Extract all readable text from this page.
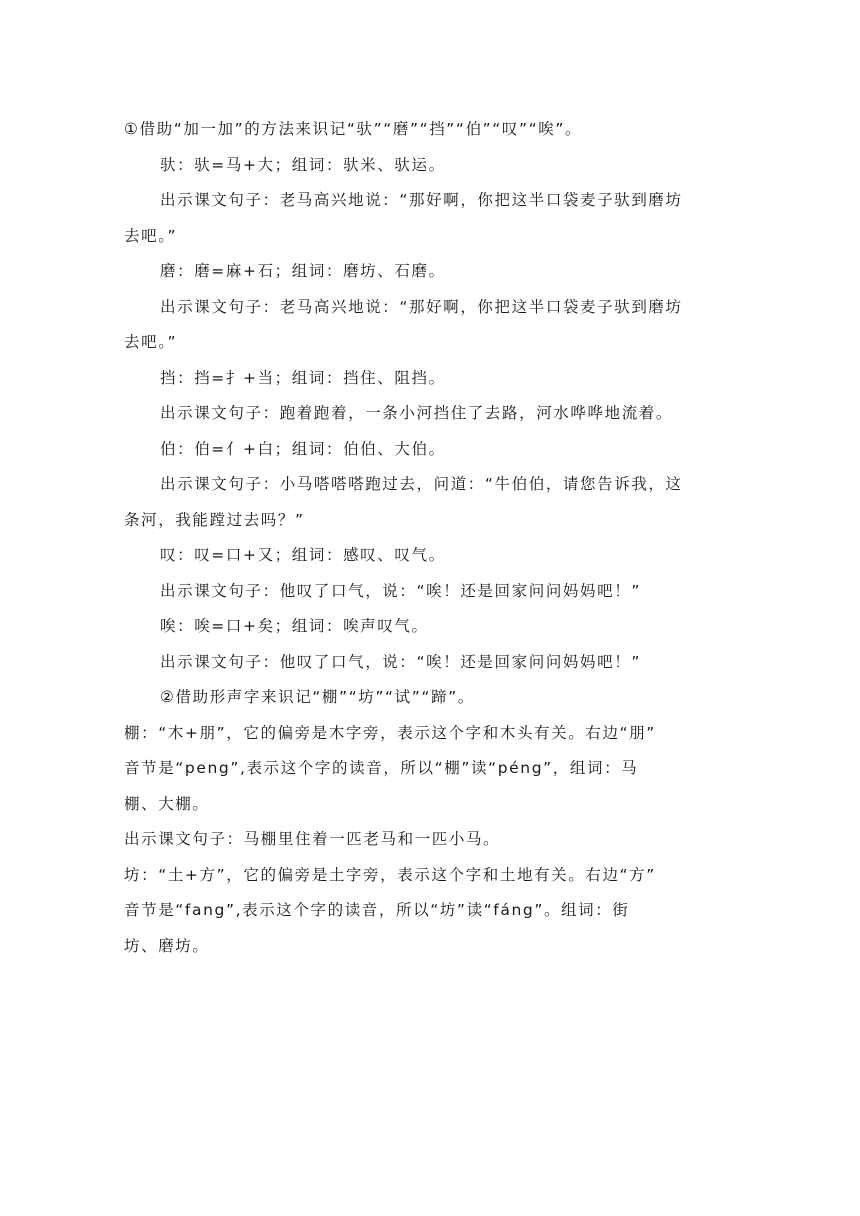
①借助“加一加”的方法来识记“驮”“磨”“挡”“伯”“叹”“唉”。
驮：驮=马+大；组词：驮米、驮运。
出示课文句子：老马高兴地说：“那好啊，你把这半口袋麦子驮到磨坊
去吧。”
磨：磨=麻+石；组词：磨坊、石磨。
出示课文句子：老马高兴地说：“那好啊，你把这半口袋麦子驮到磨坊
去吧。”
挡：挡=扌+当；组词：挡住、阻挡。
出示课文句子：跑着跑着，一条小河挡住了去路，河水哗哗地流着。
伯：伯=亻+白；组词：伯伯、大伯。
出示课文句子：小马嗒嗒嗒跑过去，问道：“牛伯伯，请您告诉我，这
条河，我能蹚过去吗？”
叹：叹=口+又；组词：感叹、叹气。
出示课文句子：他叹了口气，说：“唉！还是回家问问妈妈吧！”
唉：唉=口+矣；组词：唉声叹气。
出示课文句子：他叹了口气，说：“唉！还是回家问问妈妈吧！”
②借助形声字来识记“棚”“坊”“试”“蹄”。
棚：“木+朋”，它的偏旁是木字旁，表示这个字和木头有关。右边“朋”
音节是“peng”,表示这个字的读音，所以“棚”读“péng”，组词：马
棚、大棚。
出示课文句子：马棚里住着一匹老马和一匹小马。
坊：“土+方”，它的偏旁是土字旁，表示这个字和土地有关。右边“方”
音节是“fang”,表示这个字的读音，所以“坊”读“fáng”。组词：街
坊、磨坊。
